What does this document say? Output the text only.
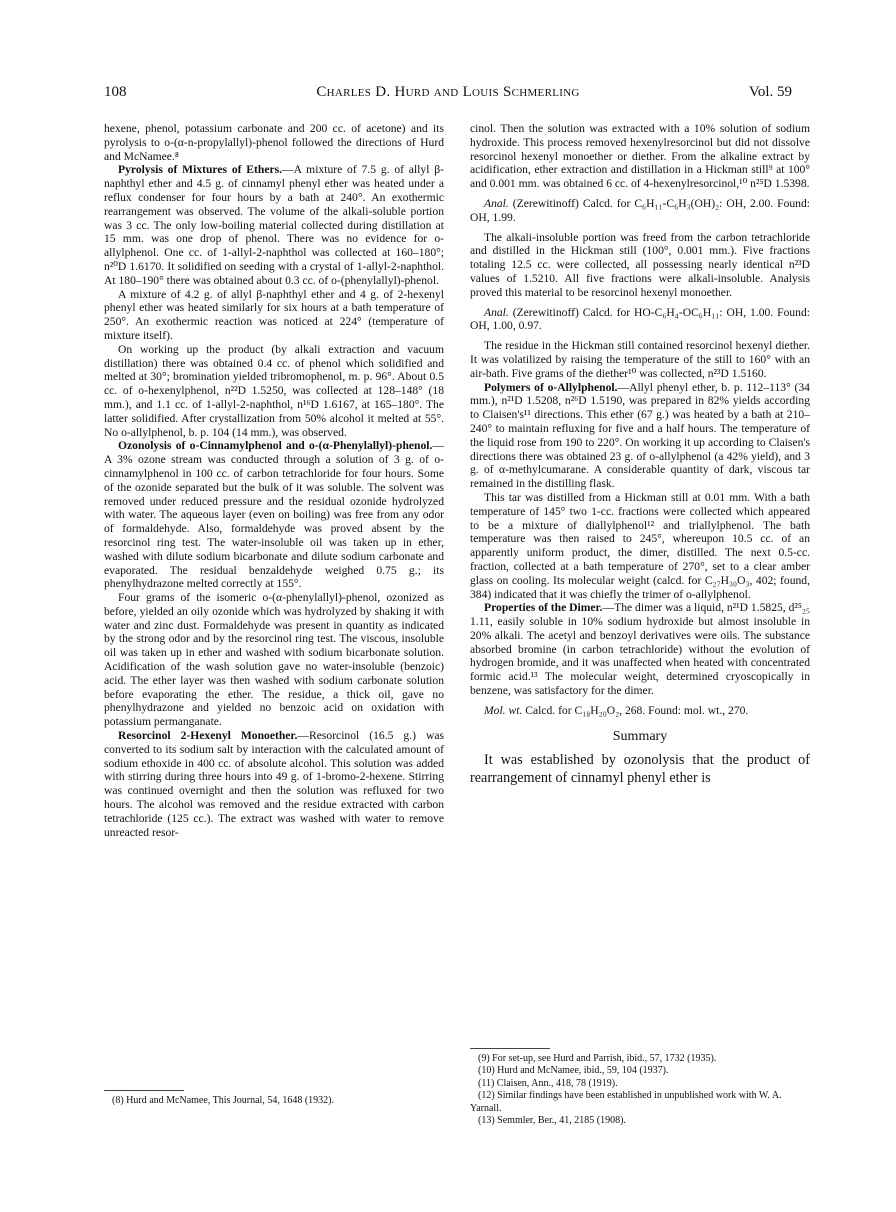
108	Charles D. Hurd and Louis Schmerling	Vol. 59

hexene, phenol, potassium carbonate and 200 cc. of acetone) and its pyrolysis to o-(α-n-propylallyl)-phenol followed the directions of Hurd and McNamee.⁸

Pyrolysis of Mixtures of Ethers.—A mixture of 7.5 g. of allyl β-naphthyl ether and 4.5 g. of cinnamyl phenyl ether was heated under a reflux condenser for four hours by a bath at 240°. An exothermic rearrangement was observed. The volume of the alkali-soluble portion was 3 cc. The only low-boiling material collected during distillation at 15 mm. was one drop of phenol. There was no evidence for o-allylphenol. One cc. of 1-allyl-2-naphthol was collected at 160–180°; n²⁰D 1.6170. It solidified on seeding with a crystal of 1-allyl-2-naphthol. At 180–190° there was obtained about 0.3 cc. of o-(phenylallyl)-phenol.

A mixture of 4.2 g. of allyl β-naphthyl ether and 4 g. of 2-hexenyl phenyl ether was heated similarly for six hours at a bath temperature of 250°. An exothermic reaction was noticed at 224° (temperature of mixture itself).

On working up the product (by alkali extraction and vacuum distillation) there was obtained 0.4 cc. of phenol which solidified and melted at 30°; bromination yielded tribromophenol, m. p. 96°. About 0.5 cc. of o-hexenylphenol, n²²D 1.5250, was collected at 128–148° (18 mm.), and 1.1 cc. of 1-allyl-2-naphthol, n¹⁶D 1.6167, at 165–180°. The latter solidified. After crystallization from 50% alcohol it melted at 55°. No o-allylphenol, b. p. 104 (14 mm.), was observed.

Ozonolysis of o-Cinnamylphenol and o-(α-Phenylallyl)-phenol.—A 3% ozone stream was conducted through a solution of 3 g. of o-cinnamylphenol in 100 cc. of carbon tetrachloride for four hours. Some of the ozonide separated but the bulk of it was soluble. The solvent was removed under reduced pressure and the residual ozonide hydrolyzed with water. The aqueous layer (even on boiling) was free from any odor of formaldehyde. Also, formaldehyde was proved absent by the resorcinol ring test. The water-insoluble oil was taken up in ether, washed with dilute sodium bicarbonate and dilute sodium carbonate and evaporated. The residual benzaldehyde weighed 0.75 g.; its phenylhydrazone melted correctly at 155°.

Four grams of the isomeric o-(α-phenylallyl)-phenol, ozonized as before, yielded an oily ozonide which was hydrolyzed by shaking it with water and zinc dust. Formaldehyde was present in quantity as indicated by the strong odor and by the resorcinol ring test. The viscous, insoluble oil was taken up in ether and washed with sodium bicarbonate solution. Acidification of the wash solution gave no water-insoluble (benzoic) acid. The ether layer was then washed with sodium carbonate solution before evaporating the ether. The residue, a thick oil, gave no phenylhydrazone and yielded no benzoic acid on oxidation with potassium permanganate.

Resorcinol 2-Hexenyl Monoether.—Resorcinol (16.5 g.) was converted to its sodium salt by interaction with the calculated amount of sodium ethoxide in 400 cc. of absolute alcohol. This solution was added with stirring during three hours into 49 g. of 1-bromo-2-hexene. Stirring was continued overnight and then the solution was refluxed for two hours. The alcohol was removed and the residue extracted with carbon tetrachloride (125 cc.). The extract was washed with water to remove unreacted resor-

(8) Hurd and McNamee, This Journal, 54, 1648 (1932).

cinol. Then the solution was extracted with a 10% solution of sodium hydroxide. This process removed hexenylresorcinol but did not dissolve resorcinol hexenyl monoether or diether. From the alkaline extract by acidification, ether extraction and distillation in a Hickman still⁹ at 100° and 0.001 mm. was obtained 6 cc. of 4-hexenylresorcinol,¹⁰ n²⁵D 1.5398.

Anal. (Zerewitinoff) Calcd. for C₆H₁₁-C₆H₃(OH)₂: OH, 2.00. Found: OH, 1.99.

The alkali-insoluble portion was freed from the carbon tetrachloride and distilled in the Hickman still (100°, 0.001 mm.). Five fractions totaling 12.5 cc. were collected, all possessing nearly identical n²³D values of 1.5210. All five fractions were alkali-insoluble. Analysis proved this material to be resorcinol hexenyl monoether.

Anal. (Zerewitinoff) Calcd. for HO-C₆H₄-OC₆H₁₁: OH, 1.00. Found: OH, 1.00, 0.97.

The residue in the Hickman still contained resorcinol hexenyl diether. It was volatilized by raising the temperature of the still to 160° with an air-bath. Five grams of the diether¹⁰ was collected, n²³D 1.5160.

Polymers of o-Allylphenol.—Allyl phenyl ether, b. p. 112–113° (34 mm.), n²¹D 1.5208, n²⁶D 1.5190, was prepared in 82% yields according to Claisen's¹¹ directions. This ether (67 g.) was heated by a bath at 210–240° to maintain refluxing for five and a half hours. The temperature of the liquid rose from 190 to 220°. On working it up according to Claisen's directions there was obtained 23 g. of o-allylphenol (a 42% yield), and 3 g. of α-methylcumarane. A considerable quantity of dark, viscous tar remained in the distilling flask.

This tar was distilled from a Hickman still at 0.01 mm. With a bath temperature of 145° two 1-cc. fractions were collected which appeared to be a mixture of diallylphenol¹² and triallylphenol. The bath temperature was then raised to 245°, whereupon 10.5 cc. of an apparently uniform product, the dimer, distilled. The next 0.5-cc. fraction, collected at a bath temperature of 270°, set to a clear amber glass on cooling. Its molecular weight (calcd. for C₂₇H₃₀O₃, 402; found, 384) indicated that it was chiefly the trimer of o-allylphenol.

Properties of the Dimer.—The dimer was a liquid, n²¹D 1.5825, d²⁵₂₅ 1.11, easily soluble in 10% sodium hydroxide but almost insoluble in 20% alkali. The acetyl and benzoyl derivatives were oils. The substance absorbed bromine (in carbon tetrachloride) without the evolution of hydrogen bromide, and it was unaffected when heated with concentrated formic acid.¹³ The molecular weight, determined cryoscopically in benzene, was satisfactory for the dimer.

Mol. wt. Calcd. for C₁₈H₂₀O₂, 268. Found: mol. wt., 270.

Summary

It was established by ozonolysis that the product of rearrangement of cinnamyl phenyl ether is

(9) For set-up, see Hurd and Parrish, ibid., 57, 1732 (1935).
(10) Hurd and McNamee, ibid., 59, 104 (1937).
(11) Claisen, Ann., 418, 78 (1919).
(12) Similar findings have been established in unpublished work with W. A. Yarnall.
(13) Semmler, Ber., 41, 2185 (1908).
